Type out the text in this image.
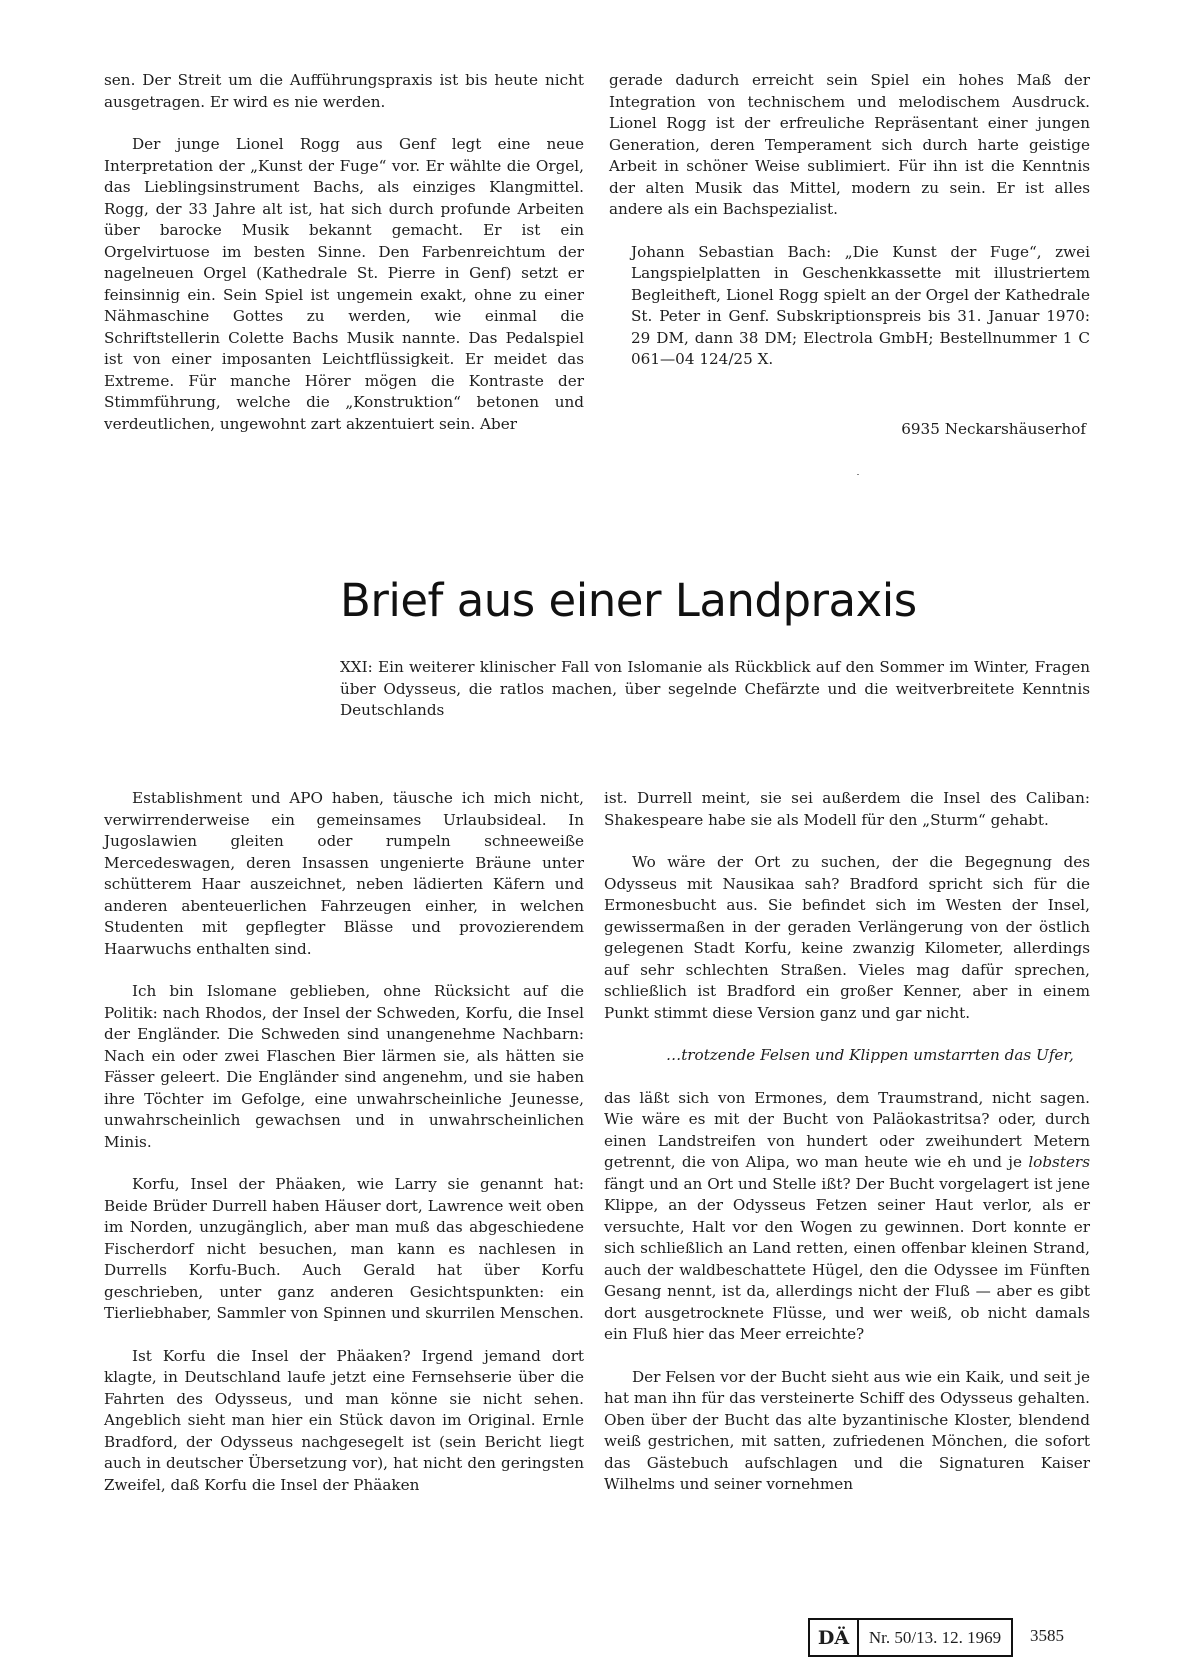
sen. Der Streit um die Aufführungspraxis ist bis heute nicht ausgetragen. Er wird es nie werden.

Der junge Lionel Rogg aus Genf legt eine neue Interpretation der „Kunst der Fuge“ vor. Er wählte die Orgel, das Lieblingsinstrument Bachs, als einziges Klangmittel. Rogg, der 33 Jahre alt ist, hat sich durch profunde Arbeiten über barocke Musik bekannt gemacht. Er ist ein Orgelvirtuose im besten Sinne. Den Farbenreichtum der nagelneuen Orgel (Kathedrale St. Pierre in Genf) setzt er feinsinnig ein. Sein Spiel ist ungemein exakt, ohne zu einer Nähmaschine Gottes zu werden, wie einmal die Schriftstellerin Colette Bachs Musik nannte. Das Pedalspiel ist von einer imposanten Leichtflüssigkeit. Er meidet das Extreme. Für manche Hörer mögen die Kontraste der Stimmführung, welche die „Konstruktion“ betonen und verdeutlichen, ungewohnt zart akzentuiert sein. Aber

gerade dadurch erreicht sein Spiel ein hohes Maß der Integration von technischem und melodischem Ausdruck. Lionel Rogg ist der erfreuliche Repräsentant einer jungen Generation, deren Temperament sich durch harte geistige Arbeit in schöner Weise sublimiert. Für ihn ist die Kenntnis der alten Musik das Mittel, modern zu sein. Er ist alles andere als ein Bachspezialist.

Johann Sebastian Bach: „Die Kunst der Fuge“, zwei Langspielplatten in Geschenkkassette mit illustriertem Begleitheft, Lionel Rogg spielt an der Orgel der Kathedrale St. Peter in Genf. Subskriptionspreis bis 31. Januar 1970: 29 DM, dann 38 DM; Electrola GmbH; Bestellnummer 1 C 061—04 124/25 X.

6935 Neckarshäuserhof
Brief aus einer Landpraxis
XXI: Ein weiterer klinischer Fall von Islomanie als Rückblick auf den Sommer im Winter, Fragen über Odysseus, die ratlos machen, über segelnde Chefärzte und die weitverbreitete Kenntnis Deutschlands

Establishment und APO haben, täusche ich mich nicht, verwirrenderweise ein gemeinsames Urlaubsideal. In Jugoslawien gleiten oder rumpeln schneeweiße Mercedeswagen, deren Insassen ungenierte Bräune unter schütterem Haar auszeichnet, neben lädierten Käfern und anderen abenteuerlichen Fahrzeugen einher, in welchen Studenten mit gepflegter Blässe und provozierendem Haarwuchs enthalten sind.

Ich bin Islomane geblieben, ohne Rücksicht auf die Politik: nach Rhodos, der Insel der Schweden, Korfu, die Insel der Engländer. Die Schweden sind unangenehme Nachbarn: Nach ein oder zwei Flaschen Bier lärmen sie, als hätten sie Fässer geleert. Die Engländer sind angenehm, und sie haben ihre Töchter im Gefolge, eine unwahrscheinliche Jeunesse, unwahrscheinlich gewachsen und in unwahrscheinlichen Minis.

Korfu, Insel der Phäaken, wie Larry sie genannt hat: Beide Brüder Durrell haben Häuser dort, Lawrence weit oben im Norden, unzugänglich, aber man muß das abgeschiedene Fischerdorf nicht besuchen, man kann es nachlesen in Durrells Korfu-Buch. Auch Gerald hat über Korfu geschrieben, unter ganz anderen Gesichtspunkten: ein Tierliebhaber, Sammler von Spinnen und skurrilen Menschen.

Ist Korfu die Insel der Phäaken? Irgend jemand dort klagte, in Deutschland laufe jetzt eine Fernsehserie über die Fahrten des Odysseus, und man könne sie nicht sehen. Angeblich sieht man hier ein Stück davon im Original. Ernle Bradford, der Odysseus nachgesegelt ist (sein Bericht liegt auch in deutscher Übersetzung vor), hat nicht den geringsten Zweifel, daß Korfu die Insel der Phäaken

ist. Durrell meint, sie sei außerdem die Insel des Caliban: Shakespeare habe sie als Modell für den „Sturm“ gehabt.

Wo wäre der Ort zu suchen, der die Begegnung des Odysseus mit Nausikaa sah? Bradford spricht sich für die Ermonesbucht aus. Sie befindet sich im Westen der Insel, gewissermaßen in der geraden Verlängerung von der östlich gelegenen Stadt Korfu, keine zwanzig Kilometer, allerdings auf sehr schlechten Straßen. Vieles mag dafür sprechen, schließlich ist Bradford ein großer Kenner, aber in einem Punkt stimmt diese Version ganz und gar nicht.

…trotzende Felsen und Klippen umstarrten das Ufer,

das läßt sich von Ermones, dem Traumstrand, nicht sagen. Wie wäre es mit der Bucht von Paläokastritsa? oder, durch einen Landstreifen von hundert oder zweihundert Metern getrennt, die von Alipa, wo man heute wie eh und je lobsters fängt und an Ort und Stelle ißt? Der Bucht vorgelagert ist jene Klippe, an der Odysseus Fetzen seiner Haut verlor, als er versuchte, Halt vor den Wogen zu gewinnen. Dort konnte er sich schließlich an Land retten, einen offenbar kleinen Strand, auch der waldbeschattete Hügel, den die Odyssee im Fünften Gesang nennt, ist da, allerdings nicht der Fluß — aber es gibt dort ausgetrocknete Flüsse, und wer weiß, ob nicht damals ein Fluß hier das Meer erreichte?

Der Felsen vor der Bucht sieht aus wie ein Kaik, und seit je hat man ihn für das versteinerte Schiff des Odysseus gehalten. Oben über der Bucht das alte byzantinische Kloster, blendend weiß gestrichen, mit satten, zufriedenen Mönchen, die sofort das Gästebuch aufschlagen und die Signaturen Kaiser Wilhelms und seiner vornehmen

DÄ	Nr. 50/13. 12. 1969	3585
